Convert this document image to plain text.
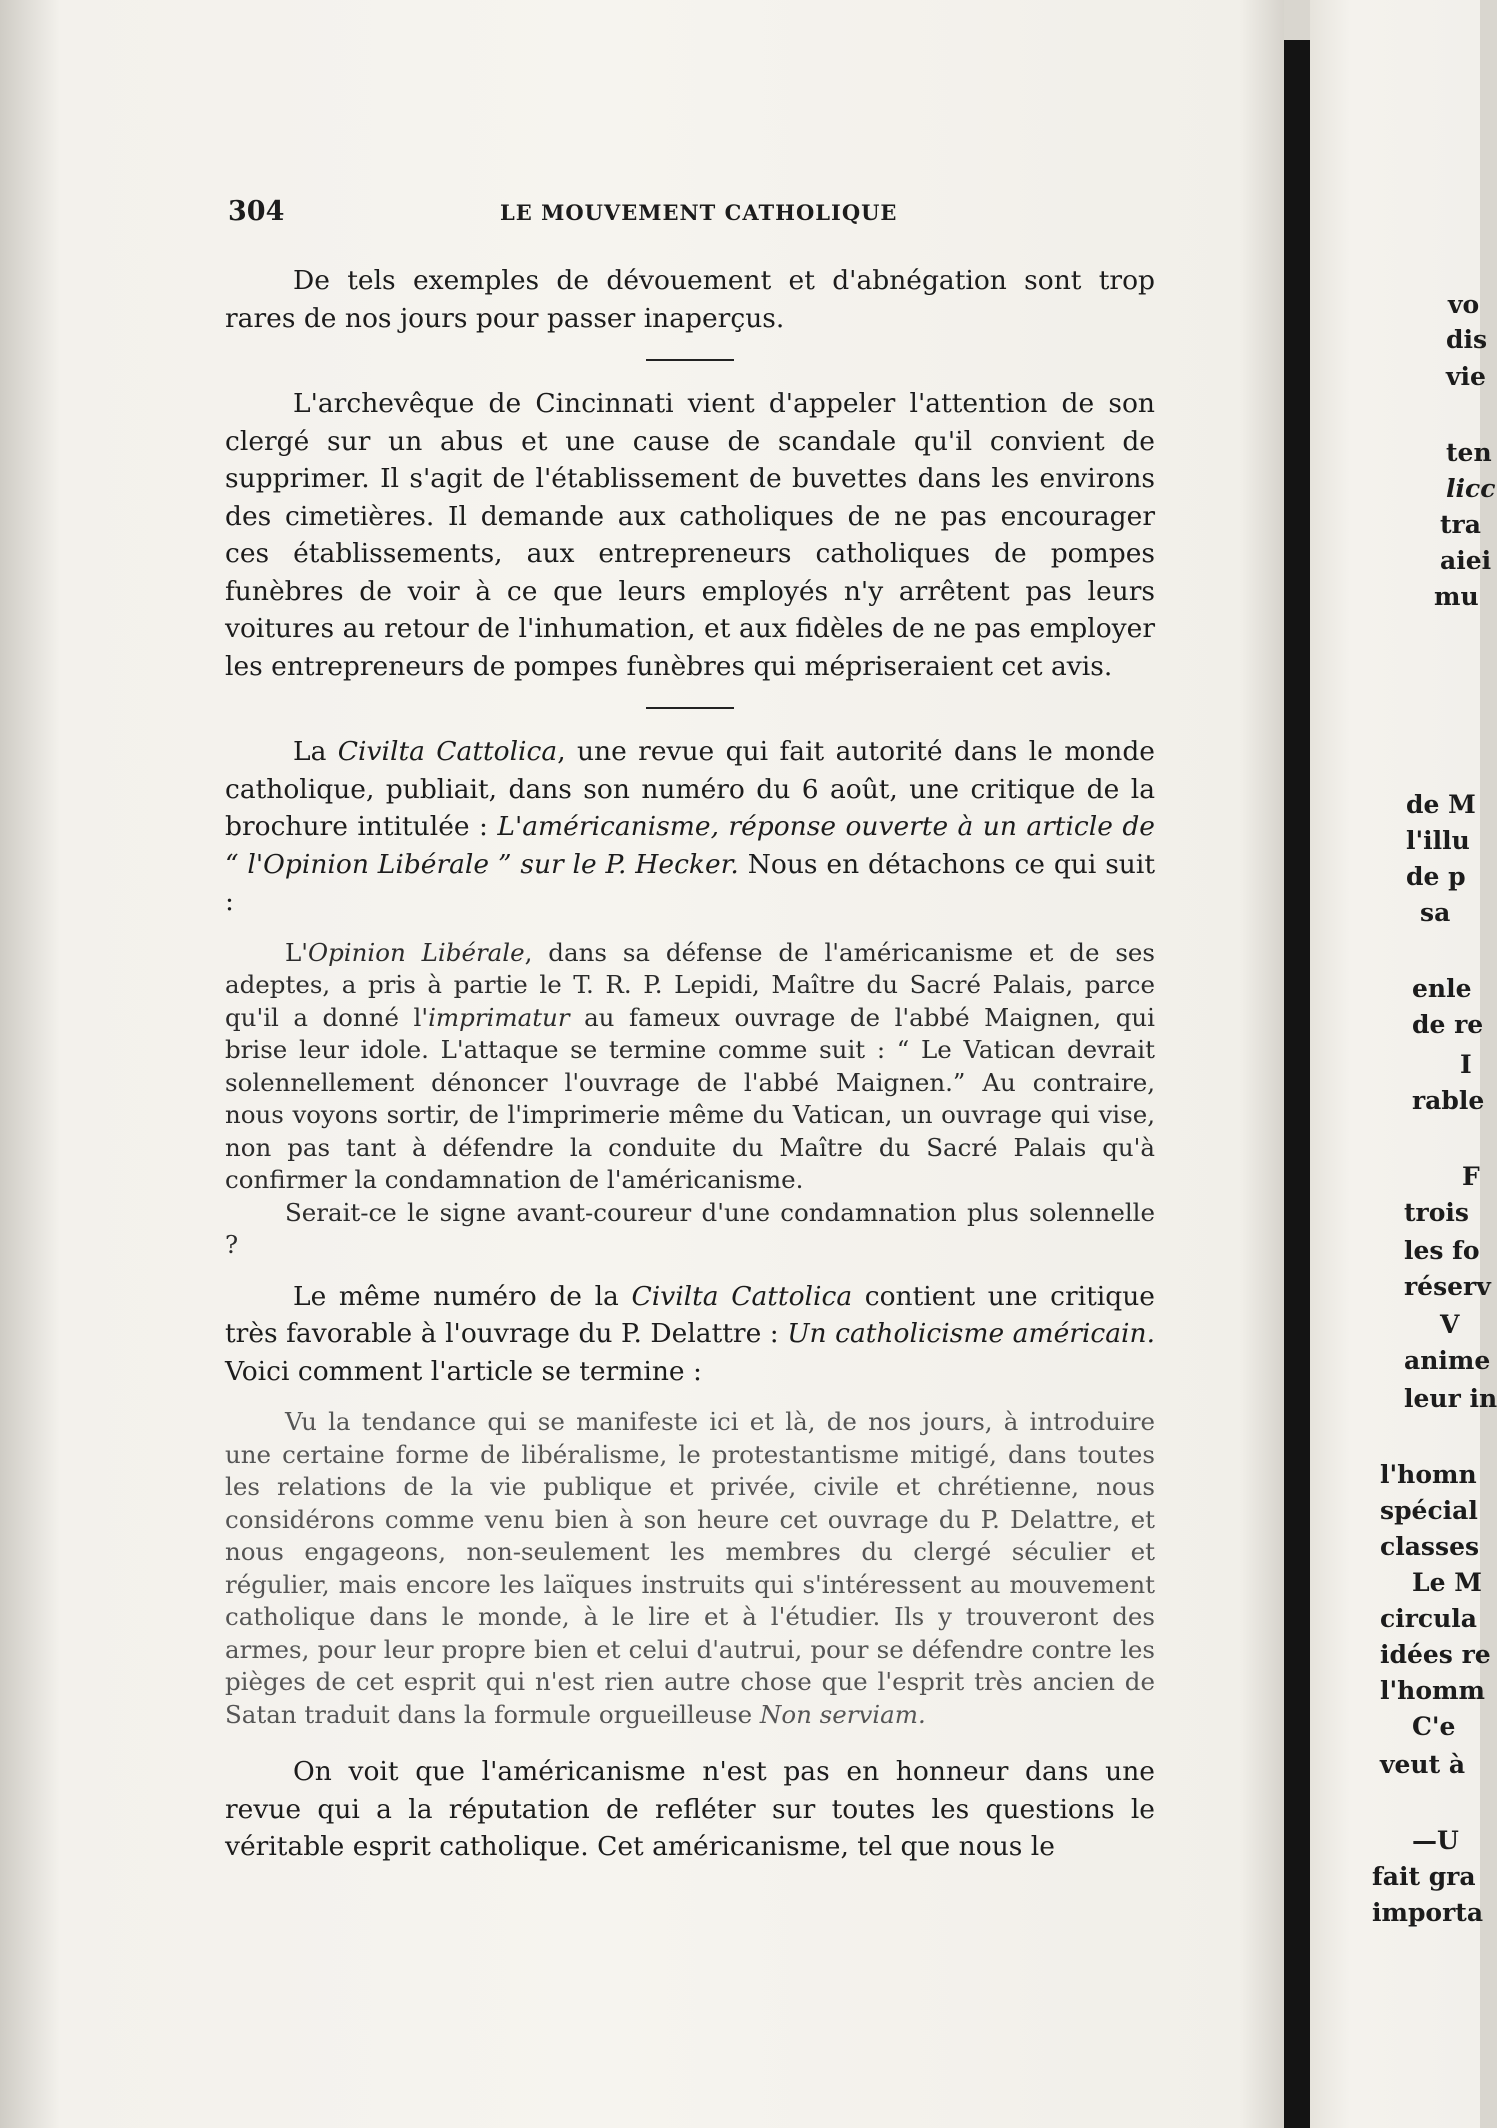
304	LE MOUVEMENT CATHOLIQUE

De tels exemples de dévouement et d'abnégation sont trop rares de nos jours pour passer inaperçus.

L'archevêque de Cincinnati vient d'appeler l'attention de son clergé sur un abus et une cause de scandale qu'il convient de supprimer. Il s'agit de l'établissement de buvettes dans les environs des cimetières. Il demande aux catholiques de ne pas encourager ces établissements, aux entrepreneurs catholiques de pompes funèbres de voir à ce que leurs employés n'y arrêtent pas leurs voitures au retour de l'inhumation, et aux fidèles de ne pas employer les entrepreneurs de pompes funèbres qui mépriseraient cet avis.

La Civilta Cattolica, une revue qui fait autorité dans le monde catholique, publiait, dans son numéro du 6 août, une critique de la brochure intitulée : L'américanisme, réponse ouverte à un article de “ l'Opinion Libérale ” sur le P. Hecker. Nous en détachons ce qui suit :

L'Opinion Libérale, dans sa défense de l'américanisme et de ses adeptes, a pris à partie le T. R. P. Lepidi, Maître du Sacré Palais, parce qu'il a donné l'imprimatur au fameux ouvrage de l'abbé Maignen, qui brise leur idole. L'attaque se termine comme suit : “ Le Vatican devrait solennellement dénoncer l'ouvrage de l'abbé Maignen.” Au contraire, nous voyons sortir, de l'imprimerie même du Vatican, un ouvrage qui vise, non pas tant à défendre la conduite du Maître du Sacré Palais qu'à confirmer la condamnation de l'américanisme.

Serait-ce le signe avant-coureur d'une condamnation plus solennelle ?

Le même numéro de la Civilta Cattolica contient une critique très favorable à l'ouvrage du P. Delattre : Un catholicisme américain. Voici comment l'article se termine :

Vu la tendance qui se manifeste ici et là, de nos jours, à introduire une certaine forme de libéralisme, le protestantisme mitigé, dans toutes les relations de la vie publique et privée, civile et chrétienne, nous considérons comme venu bien à son heure cet ouvrage du P. Delattre, et nous engageons, non-seulement les membres du clergé séculier et régulier, mais encore les laïques instruits qui s'intéressent au mouvement catholique dans le monde, à le lire et à l'étudier. Ils y trouveront des armes, pour leur propre bien et celui d'autrui, pour se défendre contre les pièges de cet esprit qui n'est rien autre chose que l'esprit très ancien de Satan traduit dans la formule orgueilleuse Non serviam.

On voit que l'américanisme n'est pas en honneur dans une revue qui a la réputation de refléter sur toutes les questions le véritable esprit catholique. Cet américanisme, tel que nous le

vo
dis
vie
ten
licc
tra
aiei
mu
de M
l'illu
de p
sa
enle
de re
I
rable
F
trois
les fo
réserv
V
anime
leur in
l'homn
spécial
classes
Le M
circula
idées re
l'homm
C'e
veut à
—U
fait gra
importa
